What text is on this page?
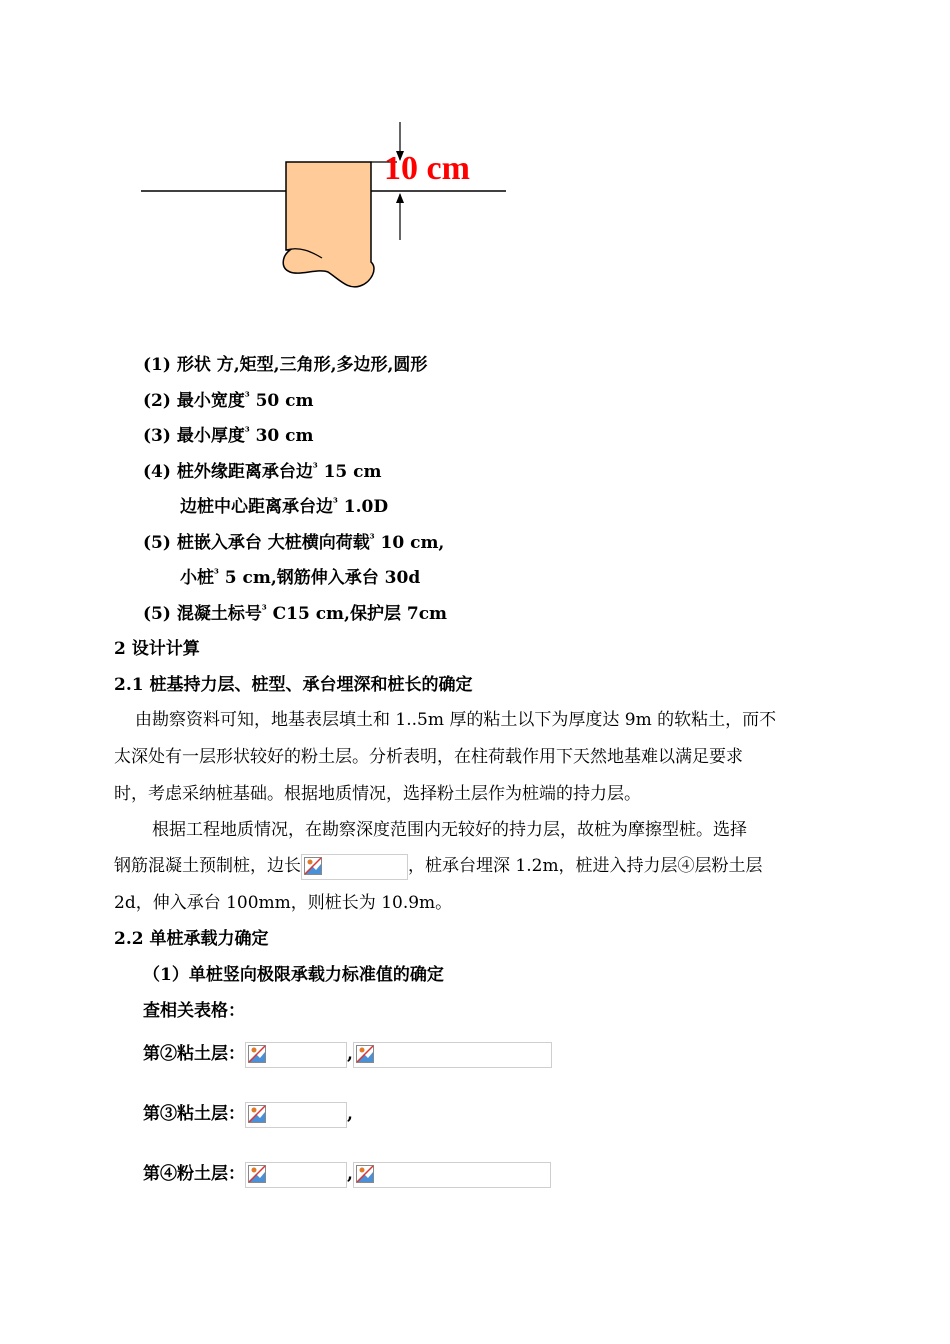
10 cm
(1) 形状 方,矩型,三角形,多边形,圆形
(2) 最小宽度$^{^3}$ 50 cm
(3) 最小厚度$^{^3}$ 30 cm
(4) 桩外缘距离承台边$^{^3}$ 15 cm
边桩中心距离承台边$^{^3}$ 1.0D
(5) 桩嵌入承台 大桩横向荷载$^{^3}$ 10 cm,
小桩$^{^3}$ 5 cm,钢筋伸入承台 30d
(5) 混凝土标号$^{^3}$ C15 cm,保护层 7cm
2 设计计算
2.1 桩基持力层、桩型、承台埋深和桩长的确定
由勘察资料可知，地基表层填土和 1..5m 厚的粘土以下为厚度达 9m 的软粘土，而不
太深处有一层形状较好的粉土层。分析表明，在柱荷载作用下天然地基难以满足要求
时，考虑采纳桩基础。根据地质情况，选择粉土层作为桩端的持力层。
根据工程地质情况，在勘察深度范围内无较好的持力层，故桩为摩擦型桩。选择
钢筋混凝土预制桩，边长	，桩承台埋深 1.2m，桩进入持力层④层粉土层
2d，伸入承台 100mm，则桩长为 10.9m。
2.2 单桩承载力确定
（1）单桩竖向极限承载力标准值的确定
查相关表格：
第②粘土层：	,
第③粘土层：	,
第④粉土层：	,
